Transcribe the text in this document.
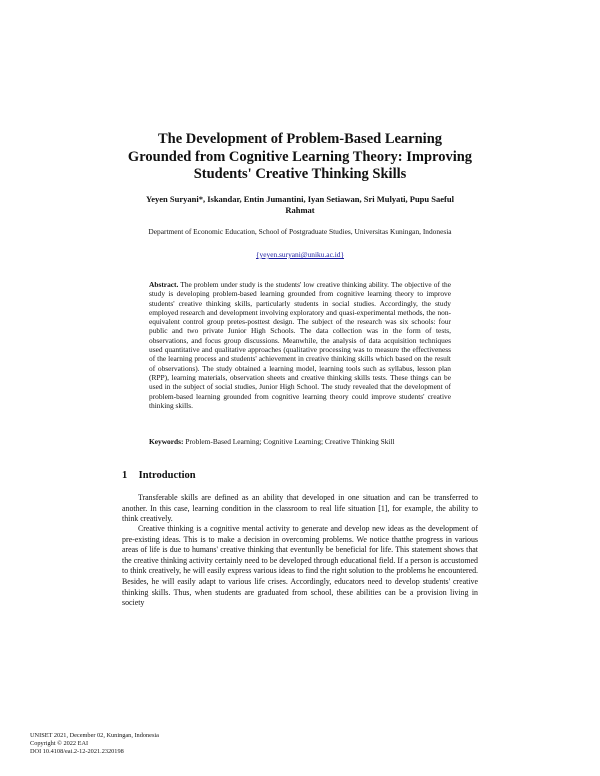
The Development of Problem-Based Learning
Grounded from Cognitive Learning Theory: Improving
Students' Creative Thinking Skills
Yeyen Suryani*, Iskandar, Entin Jumantini, Iyan Setiawan, Sri Mulyati, Pupu Saeful
Rahmat
Department of Economic Education, School of Postgraduate Studies, Universitas Kuningan, Indonesia
{yeyen.suryani@uniku.ac.id}
Abstract. The problem under study is the students' low creative thinking ability. The objective of the study is developing problem-based learning grounded from cognitive learning theory to improve students' creative thinking skills, particularly students in social studies. Accordingly, the study employed research and development involving exploratory and quasi-experimental methods, the non-equivalent control group pretes-posttest design. The subject of the research was six schools: four public and two private Junior High Schools. The data collection was in the form of tests, observations, and focus group discussions. Meanwhile, the analysis of data acquisition techniques used quantitative and qualitative approaches (qualitative processing was to measure the effectiveness of the learning process and students' achievement in creative thinking skills which based on the result of observations). The study obtained a learning model, learning tools such as syllabus, lesson plan (RPP), learning materials, observation sheets and creative thinking skills tests. These things can be used in the subject of social studies, Junior High School. The study revealed that the development of problem-based learning grounded from cognitive learning theory could improve students' creative thinking skills.
Keywords: Problem-Based Learning; Cognitive Learning; Creative Thinking Skill
1 Introduction

Transferable skills are defined as an ability that developed in one situation and can be transferred to another. In this case, learning condition in the classroom to real life situation [1], for example, the ability to think creatively.

Creative thinking is a cognitive mental activity to generate and develop new ideas as the development of pre-existing ideas. This is to make a decision in overcoming problems. We notice thatthe progress in various areas of life is due to humans' creative thinking that eventunlly be beneficial for life. This statement shows that the creative thinking activity certainly need to be developed through educational field. If a person is accustomed to think creatively, he will easily express various ideas to find the right solution to the problems he encountered. Besides, he will easily adapt to various life crises. Accordingly, educators need to develop students' creative thinking skills. Thus, when students are graduated from school, these abilities can be a provision living in society

UNISET 2021, December 02, Kuningan, Indonesia
Copyright © 2022 EAI
DOI 10.4108/eai.2-12-2021.2320198
